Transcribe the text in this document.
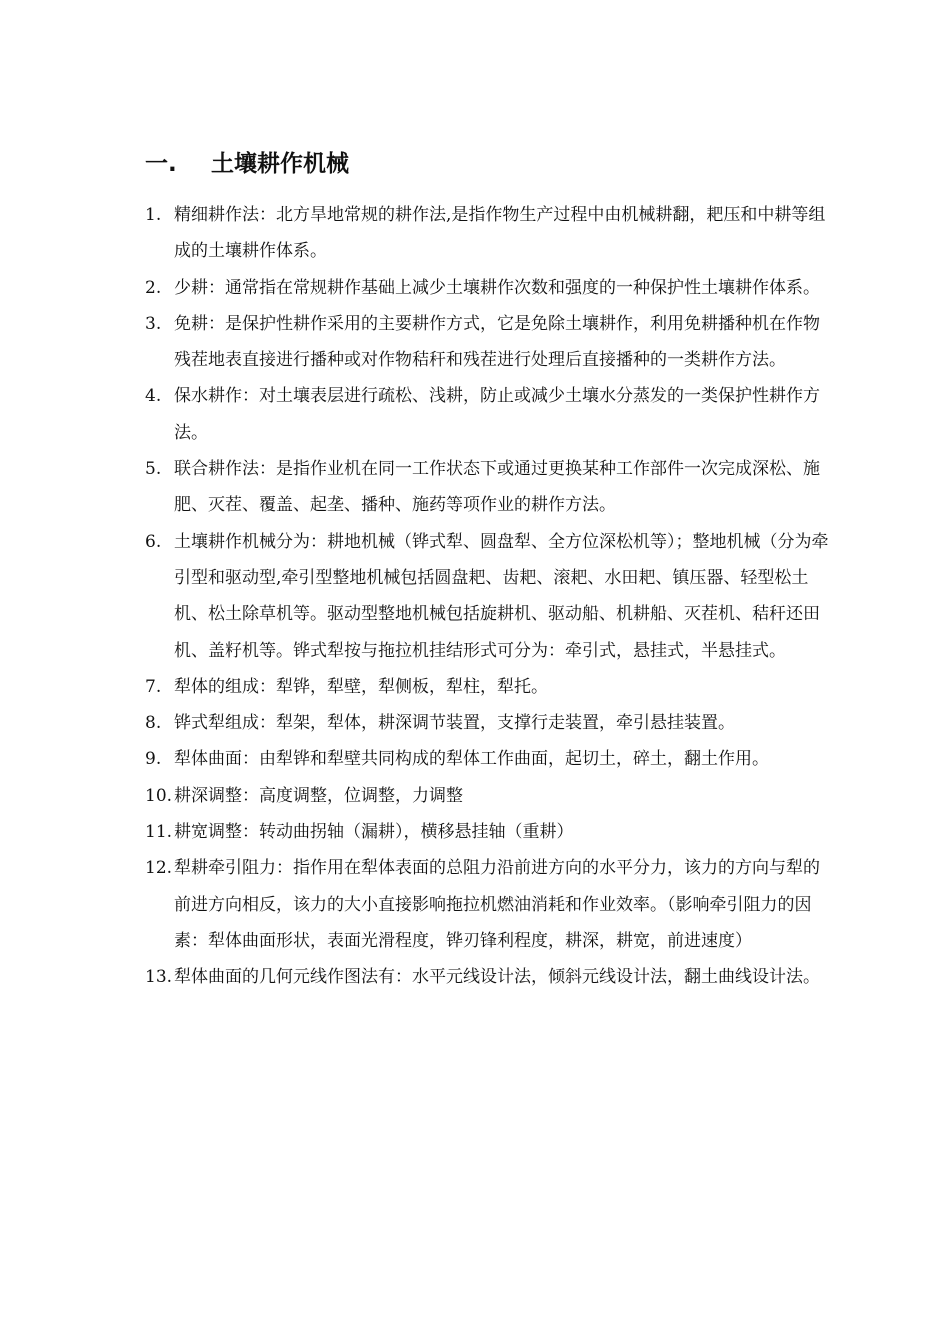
一. 土壤耕作机械
1. 精细耕作法：北方旱地常规的耕作法,是指作物生产过程中由机械耕翻，耙压和中耕等组成的土壤耕作体系。
2. 少耕：通常指在常规耕作基础上减少土壤耕作次数和强度的一种保护性土壤耕作体系。
3. 免耕：是保护性耕作采用的主要耕作方式，它是免除土壤耕作，利用免耕播种机在作物残茬地表直接进行播种或对作物秸秆和残茬进行处理后直接播种的一类耕作方法。
4. 保水耕作：对土壤表层进行疏松、浅耕，防止或减少土壤水分蒸发的一类保护性耕作方法。
5. 联合耕作法：是指作业机在同一工作状态下或通过更换某种工作部件一次完成深松、施肥、灭茬、覆盖、起垄、播种、施药等项作业的耕作方法。
6. 土壤耕作机械分为：耕地机械（铧式犁、圆盘犁、全方位深松机等）；整地机械（分为牵引型和驱动型,牵引型整地机械包括圆盘耙、齿耙、滚耙、水田耙、镇压器、轻型松土机、松土除草机等。驱动型整地机械包括旋耕机、驱动船、机耕船、灭茬机、秸秆还田机、盖籽机等。铧式犁按与拖拉机挂结形式可分为：牵引式，悬挂式，半悬挂式。
7. 犁体的组成：犁铧，犁壁，犁侧板，犁柱，犁托。
8. 铧式犁组成：犁架，犁体，耕深调节装置，支撑行走装置，牵引悬挂装置。
9. 犁体曲面：由犁铧和犁壁共同构成的犁体工作曲面，起切土，碎土，翻土作用。
10. 耕深调整：高度调整，位调整，力调整
11. 耕宽调整：转动曲拐轴（漏耕），横移悬挂轴（重耕）
12. 犁耕牵引阻力：指作用在犁体表面的总阻力沿前进方向的水平分力，该力的方向与犁的前进方向相反，该力的大小直接影响拖拉机燃油消耗和作业效率。（影响牵引阻力的因素：犁体曲面形状，表面光滑程度，铧刃锋利程度，耕深，耕宽，前进速度）
13. 犁体曲面的几何元线作图法有：水平元线设计法，倾斜元线设计法，翻土曲线设计法。
